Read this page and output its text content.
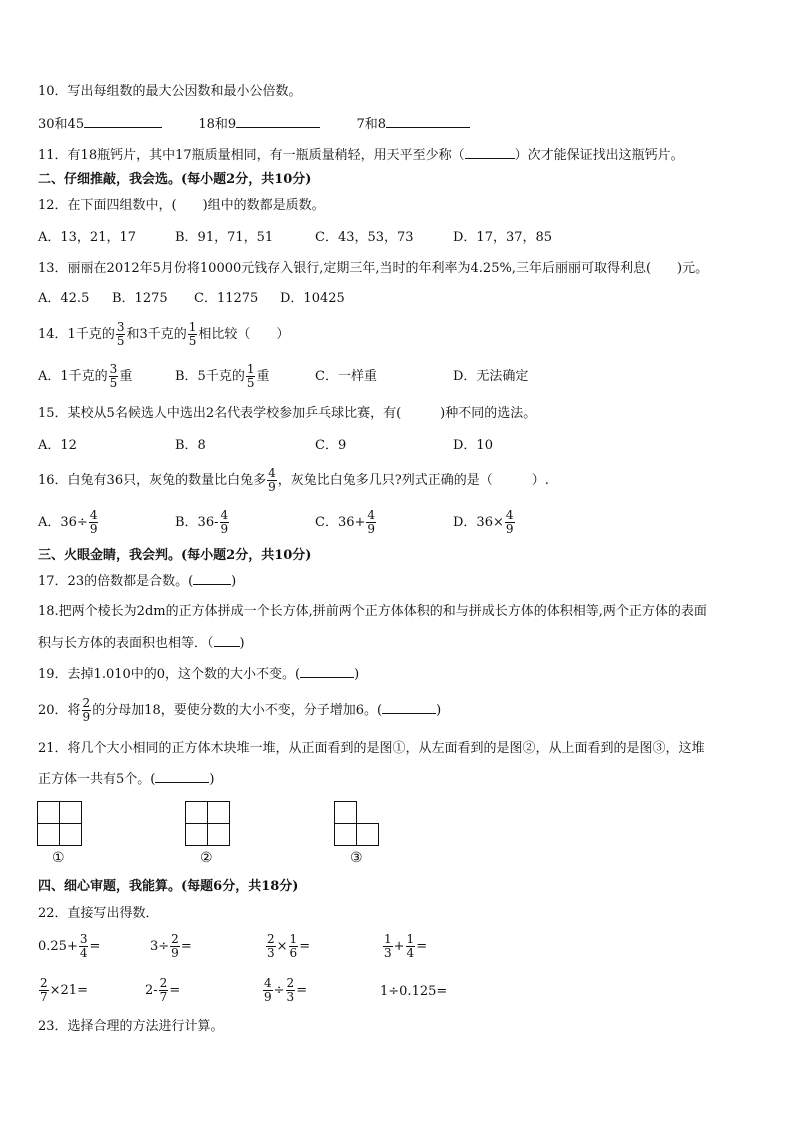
10．写出每组数的最大公因数和最小公倍数。
30和45	18和9	7和8
11．有18瓶钙片，其中17瓶质量相同，有一瓶质量稍轻，用天平至少称（	）次才能保证找出这瓶钙片。
二、仔细推敲，我会选。(每小题2分，共10分)
12．在下面四组数中，(　　)组中的数都是质数。
A．13，21，17	B．91，71，51	C．43，53，73	D．17，37，85
13．丽丽在2012年5月份将10000元钱存入银行,定期三年,当时的年利率为4.25%,三年后丽丽可取得利息(　　)元。
A．42.5 B．1275 C．11275 D．10425
14．1千克的 $\frac{3}{5}$ 和3千克的 $\frac{1}{5}$ 相比较（　　）
A．1千克的 $\frac{3}{5}$ 重	B．5千克的 $\frac{1}{5}$ 重	C．一样重	D．无法确定
15．某校从5名候选人中选出2名代表学校参加乒乓球比赛，有(　　　)种不同的选法。
A．12	B．8	C．9	D．10
16．白兔有36只，灰兔的数量比白兔多 $\frac{4}{9}$ ，灰兔比白兔多几只?列式正确的是（　　　）.
A．$36\div \frac{4}{9}$	B．$36- \frac{4}{9}$	C．$36+ \frac{4}{9}$	D．$36\times \frac{4}{9}$
三、火眼金睛，我会判。(每小题2分，共10分)
17．23的倍数都是合数。(	)
18.把两个棱长为2dm的正方体拼成一个长方体,拼前两个正方体体积的和与拼成长方体的体积相等,两个正方体的表面
积与长方体的表面积也相等．（ )
19．去掉1.010中的0，这个数的大小不变。(	)
20．将 $\frac{2}{9}$ 的分母加18，要使分数的大小不变，分子增加6。(	)
21．将几个大小相同的正方体木块堆一堆，从正面看到的是图①，从左面看到的是图②，从上面看到的是图③，这堆
正方体一共有5个。(	)
①	②	③
四、细心审题，我能算。(每题6分，共18分)
22．直接写出得数．
$0.25+ \frac{3}{4}$ =	$3\div \frac{2}{9}$ =	$\frac{2}{3} \times \frac{1}{6}$ =	$\frac{1}{3} + \frac{1}{4}$ =
$\frac{2}{7} \times 21=$	$2- \frac{2}{7}$ =	$\frac{4}{9} \div \frac{2}{3}$ =	1÷0.125=
23．选择合理的方法进行计算。
